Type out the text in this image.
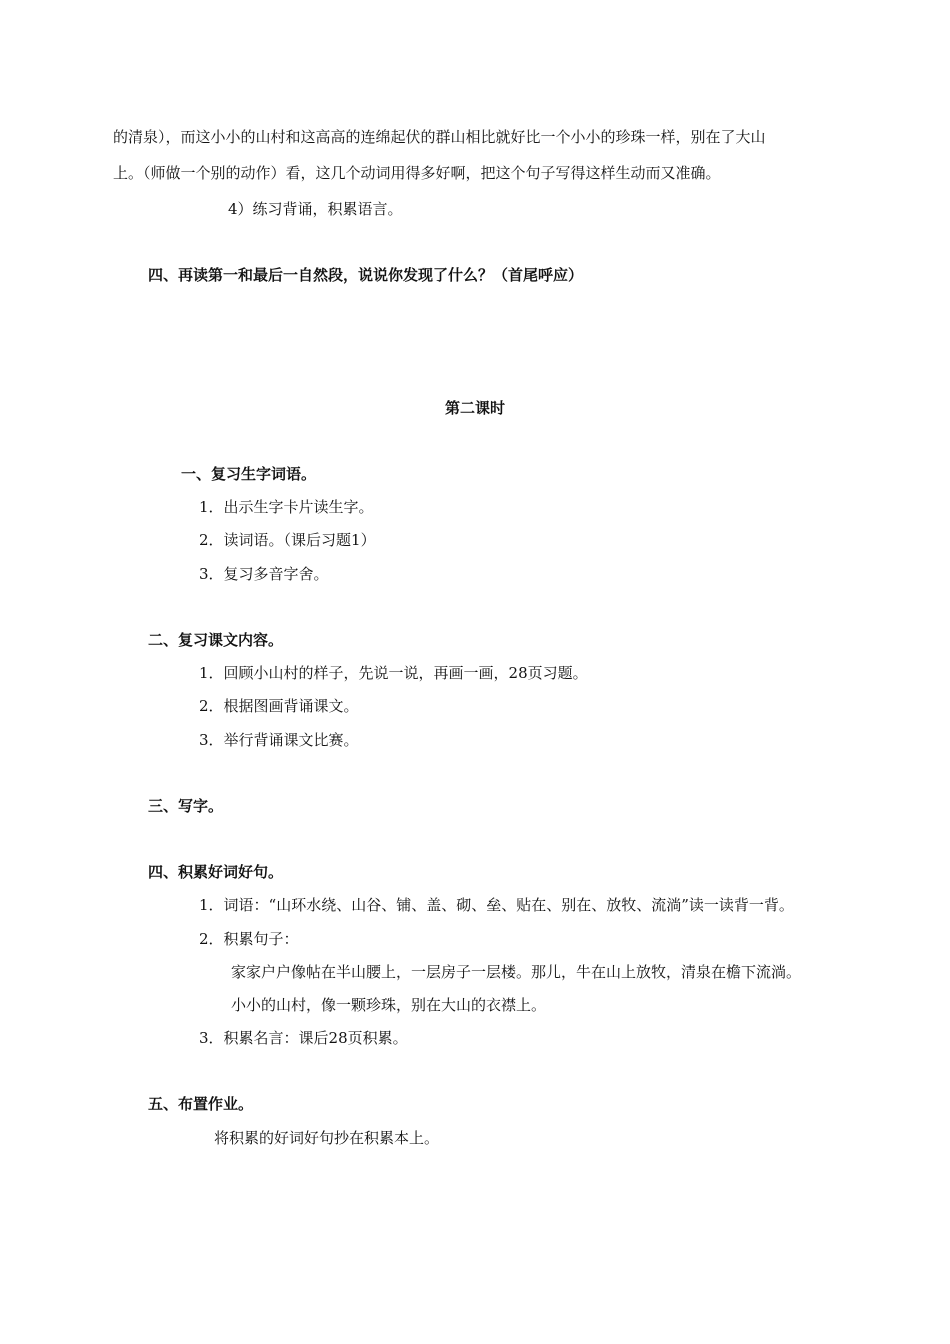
的清泉），而这小小的山村和这高高的连绵起伏的群山相比就好比一个小小的珍珠一样，别在了大山
上。（师做一个别的动作）看，这几个动词用得多好啊，把这个句子写得这样生动而又准确。
4）练习背诵，积累语言。
四、再读第一和最后一自然段，说说你发现了什么？（首尾呼应）
第二课时
一、复习生字词语。
1．出示生字卡片读生字。
2．读词语。（课后习题1）
3．复习多音字舍。
二、复习课文内容。
1．回顾小山村的样子，先说一说，再画一画，28页习题。
2．根据图画背诵课文。
3．举行背诵课文比赛。
三、写字。
四、积累好词好句。
1．词语：“山环水绕、山谷、铺、盖、砌、垒、贴在、别在、放牧、流淌”读一读背一背。
2．积累句子：
家家户户像帖在半山腰上，一层房子一层楼。那儿，牛在山上放牧，清泉在檐下流淌。
小小的山村，像一颗珍珠，别在大山的衣襟上。
3．积累名言：课后28页积累。
五、布置作业。
将积累的好词好句抄在积累本上。
